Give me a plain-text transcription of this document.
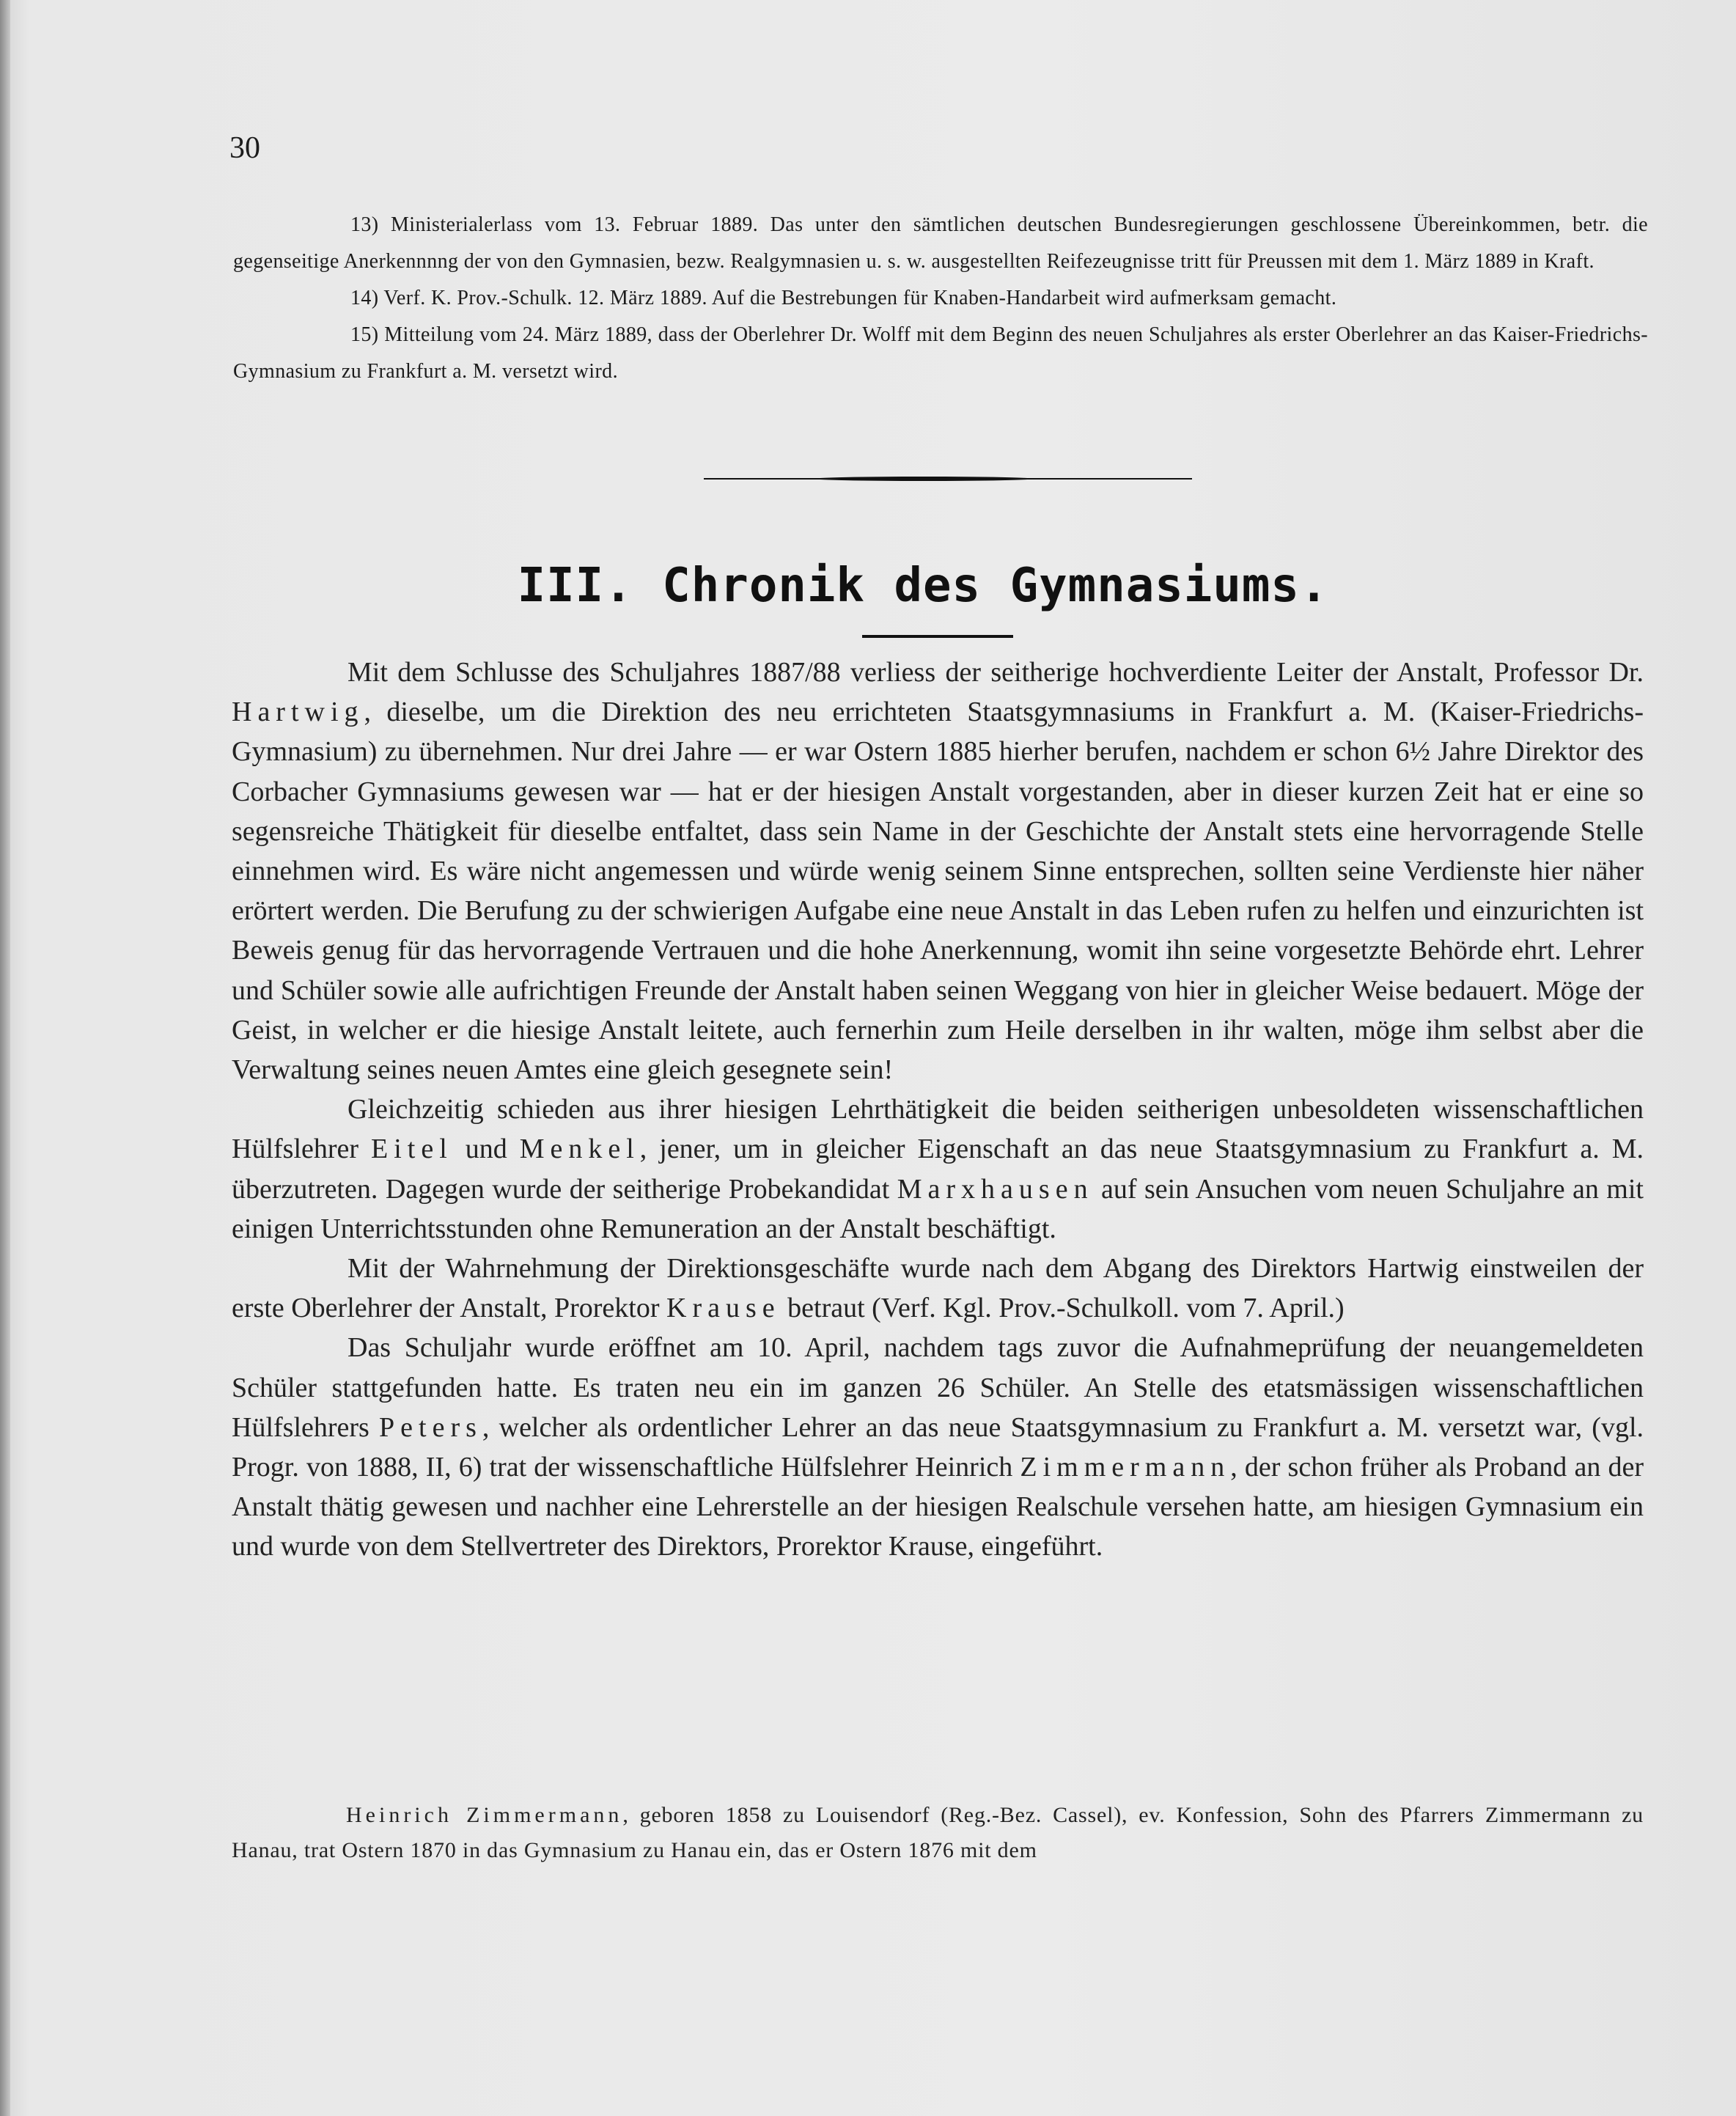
30

13) Ministerialerlass vom 13. Februar 1889. Das unter den sämtlichen deutschen Bundesregierungen geschlossene Übereinkommen, betr. die gegenseitige Anerkennnng der von den Gymnasien, bezw. Realgymnasien u. s. w. ausgestellten Reifezeugnisse tritt für Preussen mit dem 1. März 1889 in Kraft.

14) Verf. K. Prov.-Schulk. 12. März 1889. Auf die Bestrebungen für Knaben-Handarbeit wird aufmerksam gemacht.

15) Mitteilung vom 24. März 1889, dass der Oberlehrer Dr. Wolff mit dem Beginn des neuen Schuljahres als erster Oberlehrer an das Kaiser-Friedrichs-Gymnasium zu Frankfurt a. M. versetzt wird.

III. Chronik des Gymnasiums.

Mit dem Schlusse des Schuljahres 1887/88 verliess der seitherige hochverdiente Leiter der Anstalt, Professor Dr. Hartwig, dieselbe, um die Direktion des neu errichteten Staatsgymnasiums in Frankfurt a. M. (Kaiser-Friedrichs-Gymnasium) zu übernehmen. Nur drei Jahre — er war Ostern 1885 hierher berufen, nachdem er schon 6½ Jahre Direktor des Corbacher Gymnasiums gewesen war — hat er der hiesigen Anstalt vorgestanden, aber in dieser kurzen Zeit hat er eine so segensreiche Thätigkeit für dieselbe entfaltet, dass sein Name in der Geschichte der Anstalt stets eine hervorragende Stelle einnehmen wird. Es wäre nicht angemessen und würde wenig seinem Sinne entsprechen, sollten seine Verdienste hier näher erörtert werden. Die Berufung zu der schwierigen Aufgabe eine neue Anstalt in das Leben rufen zu helfen und einzurichten ist Beweis genug für das hervorragende Vertrauen und die hohe Anerkennung, womit ihn seine vorgesetzte Behörde ehrt. Lehrer und Schüler sowie alle aufrichtigen Freunde der Anstalt haben seinen Weggang von hier in gleicher Weise bedauert. Möge der Geist, in welcher er die hiesige Anstalt leitete, auch fernerhin zum Heile derselben in ihr walten, möge ihm selbst aber die Verwaltung seines neuen Amtes eine gleich gesegnete sein!

Gleichzeitig schieden aus ihrer hiesigen Lehrthätigkeit die beiden seitherigen unbesoldeten wissenschaftlichen Hülfslehrer Eitel und Menkel, jener, um in gleicher Eigenschaft an das neue Staatsgymnasium zu Frankfurt a. M. überzutreten. Dagegen wurde der seitherige Probekandidat Marxhausen auf sein Ansuchen vom neuen Schuljahre an mit einigen Unterrichtsstunden ohne Remuneration an der Anstalt beschäftigt.

Mit der Wahrnehmung der Direktionsgeschäfte wurde nach dem Abgang des Direktors Hartwig einstweilen der erste Oberlehrer der Anstalt, Prorektor Krause betraut (Verf. Kgl. Prov.-Schulkoll. vom 7. April.)

Das Schuljahr wurde eröffnet am 10. April, nachdem tags zuvor die Aufnahmeprüfung der neuangemeldeten Schüler stattgefunden hatte. Es traten neu ein im ganzen 26 Schüler. An Stelle des etatsmässigen wissenschaftlichen Hülfslehrers Peters, welcher als ordentlicher Lehrer an das neue Staatsgymnasium zu Frankfurt a. M. versetzt war, (vgl. Progr. von 1888, II, 6) trat der wissenschaftliche Hülfslehrer Heinrich Zimmermann, der schon früher als Proband an der Anstalt thätig gewesen und nachher eine Lehrerstelle an der hiesigen Realschule versehen hatte, am hiesigen Gymnasium ein und wurde von dem Stellvertreter des Direktors, Prorektor Krause, eingeführt.

Heinrich Zimmermann, geboren 1858 zu Louisendorf (Reg.-Bez. Cassel), ev. Konfession, Sohn des Pfarrers Zimmermann zu Hanau, trat Ostern 1870 in das Gymnasium zu Hanau ein, das er Ostern 1876 mit dem
